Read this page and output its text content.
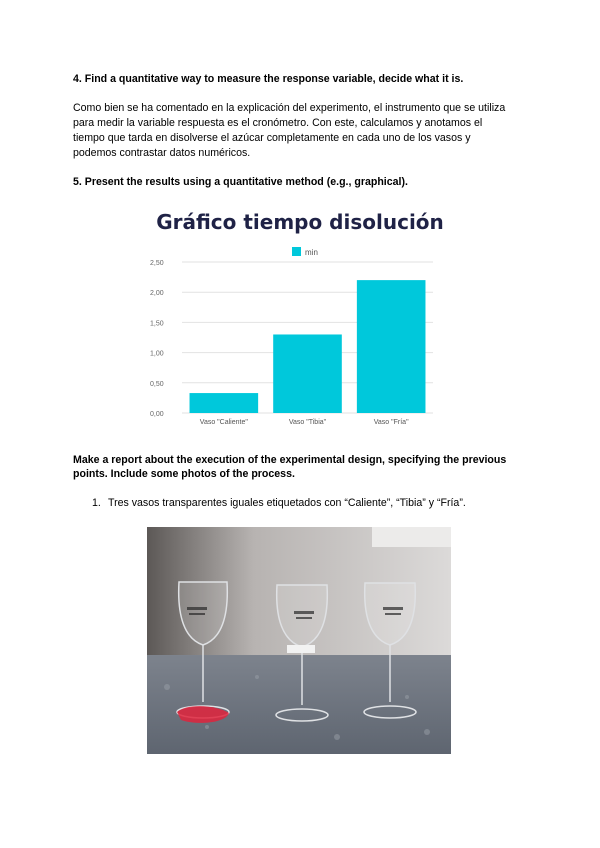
4. Find a quantitative way to measure the response variable, decide what it is.
Como bien se ha comentado en la explicación del experimento, el instrumento que se utiliza
para medir la variable respuesta es el cronómetro. Con este, calculamos y anotamos el
tiempo que tarda en disolverse el azúcar completamente en cada uno de los vasos y
podemos contrastar datos numéricos.
5. Present the results using a quantitative method (e.g., graphical).
Gráfico tiempo disolución
0,00
0,50
1,00
1,50
2,00
2,50
Vaso "Caliente"	Vaso "Tibia"	Vaso "Fría"
min
Make a report about the execution of the experimental design, specifying the previous
points. Include some photos of the process.
1. Tres vasos transparentes iguales etiquetados con “Caliente”, “Tibia” y “Fría”.
